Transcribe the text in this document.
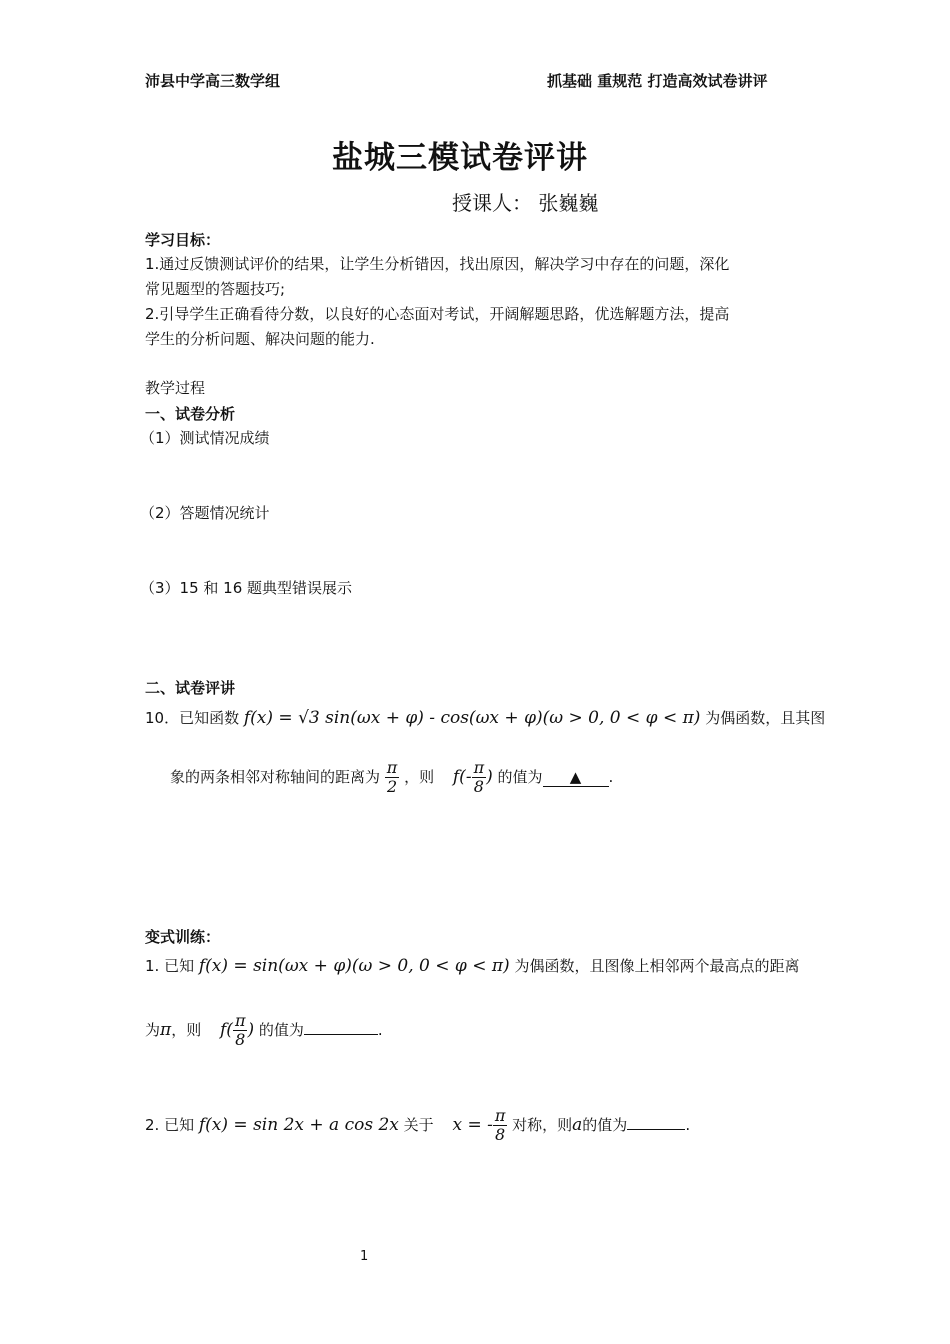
沛县中学高三数学组	抓基础 重规范 打造高效试卷讲评
盐城三模试卷评讲
授课人： 张巍巍
学习目标：
1.通过反馈测试评价的结果，让学生分析错因，找出原因，解决学习中存在的问题，深化
常见题型的答题技巧;
2.引导学生正确看待分数，以良好的心态面对考试，开阔解题思路，优选解题方法，提高
学生的分析问题、解决问题的能力.
教学过程
一、试卷分析
（1）测试情况成绩
（2）答题情况统计
（3）15 和 16 题典型错误展示
二、试卷评讲
10．已知函数 f(x) = √3 sin(ωx + φ) - cos(ωx + φ)(ω > 0, 0 < φ < π) 为偶函数，且其图
象的两条相邻对称轴间的距离为 $\frac{\pi}{2}$ ，则 $f(- \frac{\pi}{8}$ ) 的值为 ▲ .
变式训练：
1. 已知 f(x) = sin(ωx + φ)(ω > 0, 0 < φ < π) 为偶函数，且图像上相邻两个最高点的距离
为π，则 $f( \frac{\pi}{8}$ ) 的值为	.
2. 已知 f(x) = sin 2x + a cos 2x 关于 x = - $\frac{\pi}{8}$ 对称，则a的值为	.
1
